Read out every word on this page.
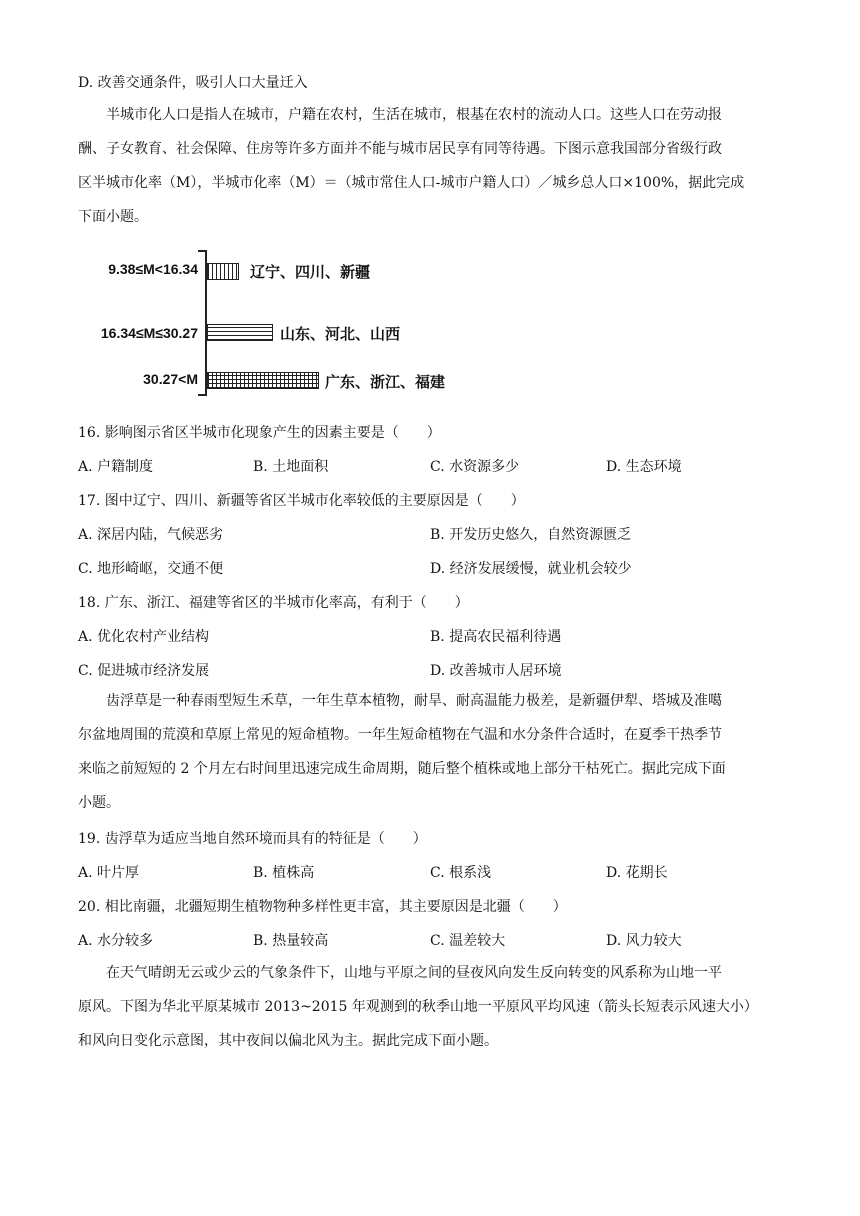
D. 改善交通条件，吸引人口大量迁入
半城市化人口是指人在城市，户籍在农村，生活在城市，根基在农村的流动人口。这些人口在劳动报
酬、子女教育、社会保障、住房等许多方面并不能与城市居民享有同等待遇。下图示意我国部分省级行政
区半城市化率（M），半城市化率（M）＝（城市常住人口-城市户籍人口）／城乡总人口×100%，据此完成
下面小题。
9.38≤M<16.34	辽宁、四川、新疆
16.34≤M≤30.27	山东、河北、山西
30.27<M	广东、浙江、福建
16. 影响图示省区半城市化现象产生的因素主要是（　　）
A. 户籍制度	B. 土地面积	C. 水资源多少	D. 生态环境
17. 图中辽宁、四川、新疆等省区半城市化率较低的主要原因是（　　）
A. 深居内陆，气候恶劣	B. 开发历史悠久，自然资源匮乏
C. 地形崎岖，交通不便	D. 经济发展缓慢，就业机会较少
18. 广东、浙江、福建等省区的半城市化率高，有利于（　　）
A. 优化农村产业结构	B. 提高农民福利待遇
C. 促进城市经济发展	D. 改善城市人居环境
齿浮草是一种春雨型短生禾草，一年生草本植物，耐旱、耐高温能力极差，是新疆伊犁、塔城及准噶
尔盆地周围的荒漠和草原上常见的短命植物。一年生短命植物在气温和水分条件合适时，在夏季干热季节
来临之前短短的 2 个月左右时间里迅速完成生命周期，随后整个植株或地上部分干枯死亡。据此完成下面
小题。
19. 齿浮草为适应当地自然环境而具有的特征是（　　）
A. 叶片厚	B. 植株高	C. 根系浅	D. 花期长
20. 相比南疆，北疆短期生植物物种多样性更丰富，其主要原因是北疆（　　）
A. 水分较多	B. 热量较高	C. 温差较大	D. 风力较大
在天气晴朗无云或少云的气象条件下，山地与平原之间的昼夜风向发生反向转变的风系称为山地一平
原风。下图为华北平原某城市 2013~2015 年观测到的秋季山地一平原风平均风速（箭头长短表示风速大小）
和风向日变化示意图，其中夜间以偏北风为主。据此完成下面小题。
